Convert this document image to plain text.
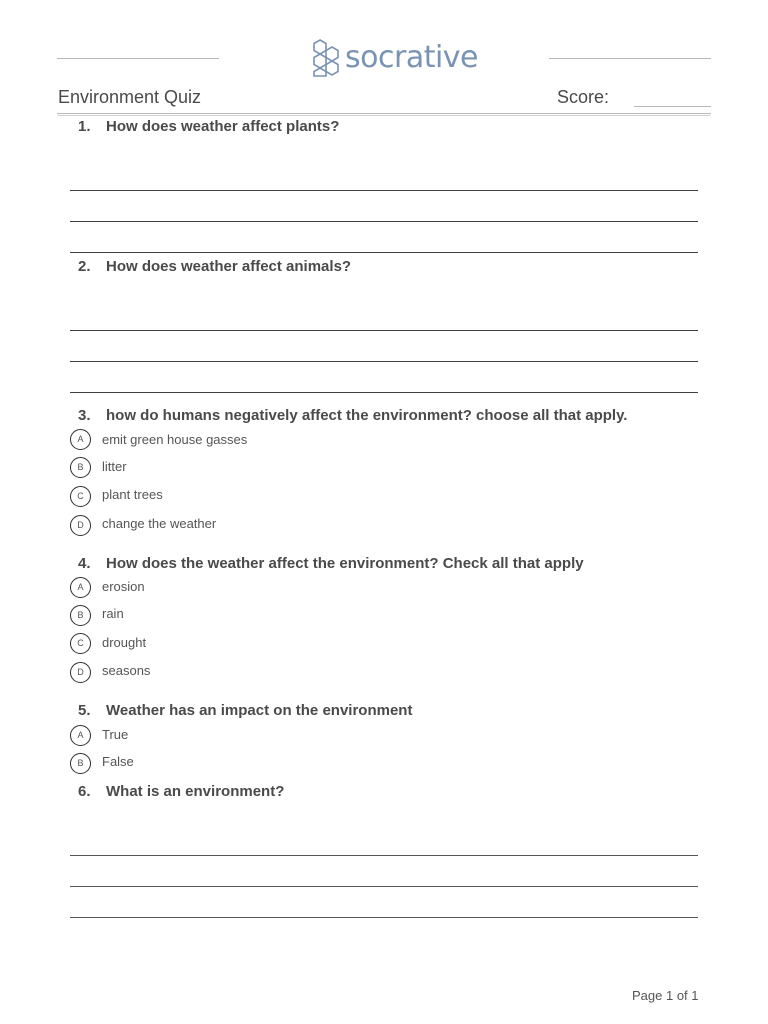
socrative
Environment Quiz	Score:
1. How does weather affect plants?
2. How does weather affect animals?
3. how do humans negatively affect the environment? choose all that apply.
A	emit green house gasses
B	litter
C	plant trees
D	change the weather
4. How does the weather affect the environment? Check all that apply
A	erosion
B	rain
C	drought
D	seasons
5. Weather has an impact on the environment
A	True
B	False
6. What is an environment?
Page 1 of 1
